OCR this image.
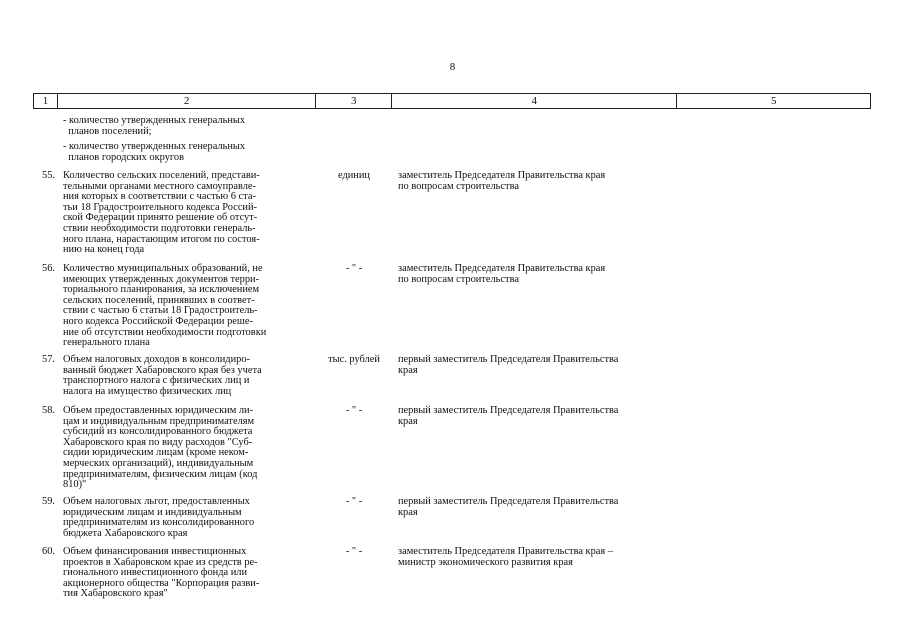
8
1	2	3	4	5
- количество утвержденных генеральных
планов поселений;
- количество утвержденных генеральных
планов городских округов
55. Количество сельских поселений, представи-
тельными органами местного самоуправле-
ния которых в соответствии с частью 6 ста-
тьи 18 Градостроительного кодекса Россий-
ской Федерации принято решение об отсут-
ствии необходимости подготовки генераль-
ного плана, нарастающим итогом по состоя-
нию на конец года
единиц	заместитель Председателя Правительства края
по вопросам строительства
56. Количество муниципальных образований, не
имеющих утвержденных документов терри-
ториального планирования, за исключением
сельских поселений, принявших в соответ-
ствии с частью 6 статьи 18 Градостроитель-
ного кодекса Российской Федерации реше-
ние об отсутствии необходимости подготовки
генерального плана
- " -	заместитель Председателя Правительства края
по вопросам строительства
57. Объем налоговых доходов в консолидиро-
ванный бюджет Хабаровского края без учета
транспортного налога с физических лиц и
налога на имущество физических лиц
тыс. рублей	первый заместитель Председателя Правительства
края
58. Объем предоставленных юридическим ли-
цам и индивидуальным предпринимателям
субсидий из консолидированного бюджета
Хабаровского края по виду расходов "Суб-
сидии юридическим лицам (кроме неком-
мерческих организаций), индивидуальным
предпринимателям, физическим лицам (код
810)"
- " -	первый заместитель Председателя Правительства
края
59. Объем налоговых льгот, предоставленных
юридическим лицам и индивидуальным
предпринимателям из консолидированного
бюджета Хабаровского края
- " -	первый заместитель Председателя Правительства
края
60. Объем финансирования инвестиционных
проектов в Хабаровском крае из средств ре-
гионального инвестиционного фонда или
акционерного общества "Корпорация разви-
тия Хабаровского края"
- " -	заместитель Председателя Правительства края –
министр экономического развития края
